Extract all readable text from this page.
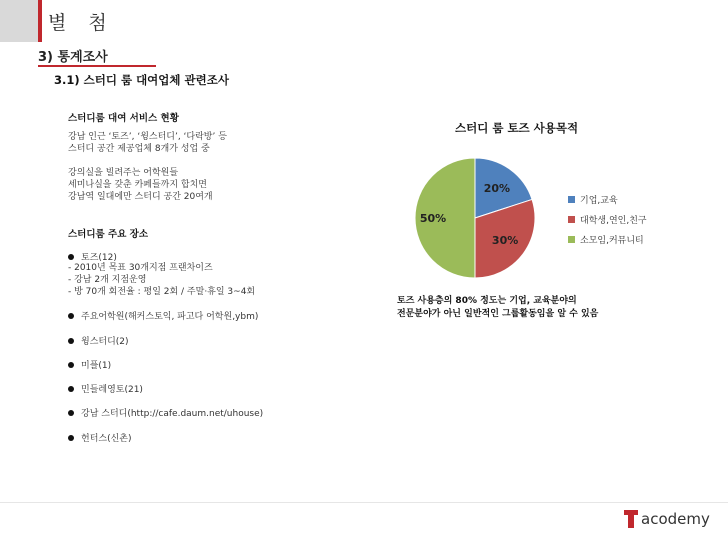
별 첨
3) 통계조사
3.1) 스터디 룸 대여업체 관련조사
스터디룸 대여 서비스 현황
강남 인근 ‘토즈’, ‘윙스터디’, ‘다락방’ 등
스터디 공간 제공업체 8개가 성업 중
강의실을 빌려주는 어학원들
세미나실을 갖춘 카페들까지 합치면
강남역 일대에만 스터디 공간 20여개
스터디룸 주요 장소
토즈(12)
- 2010년 목표 30개지점 프랜차이즈
- 강남 2개 지점운영
- 방 70개 회전율 : 평일 2회 / 주말·휴일 3~4회
주요어학원(해커스토익, 파고다 어학원,ybm)
윙스터디(2)
미플(1)
민들레영토(21)
강남 스터디(http://cafe.daum.net/uhouse)
헌터스(신촌)
스터디 룸 토즈 사용목적
20%
30%
50%
기업,교육
대학생,연인,친구
소모임,커뮤니티
토즈 사용층의 80% 정도는 기업, 교육분야의
전문분야가 아닌 일반적인 그룹활동임을 알 수 있음
acodemy
